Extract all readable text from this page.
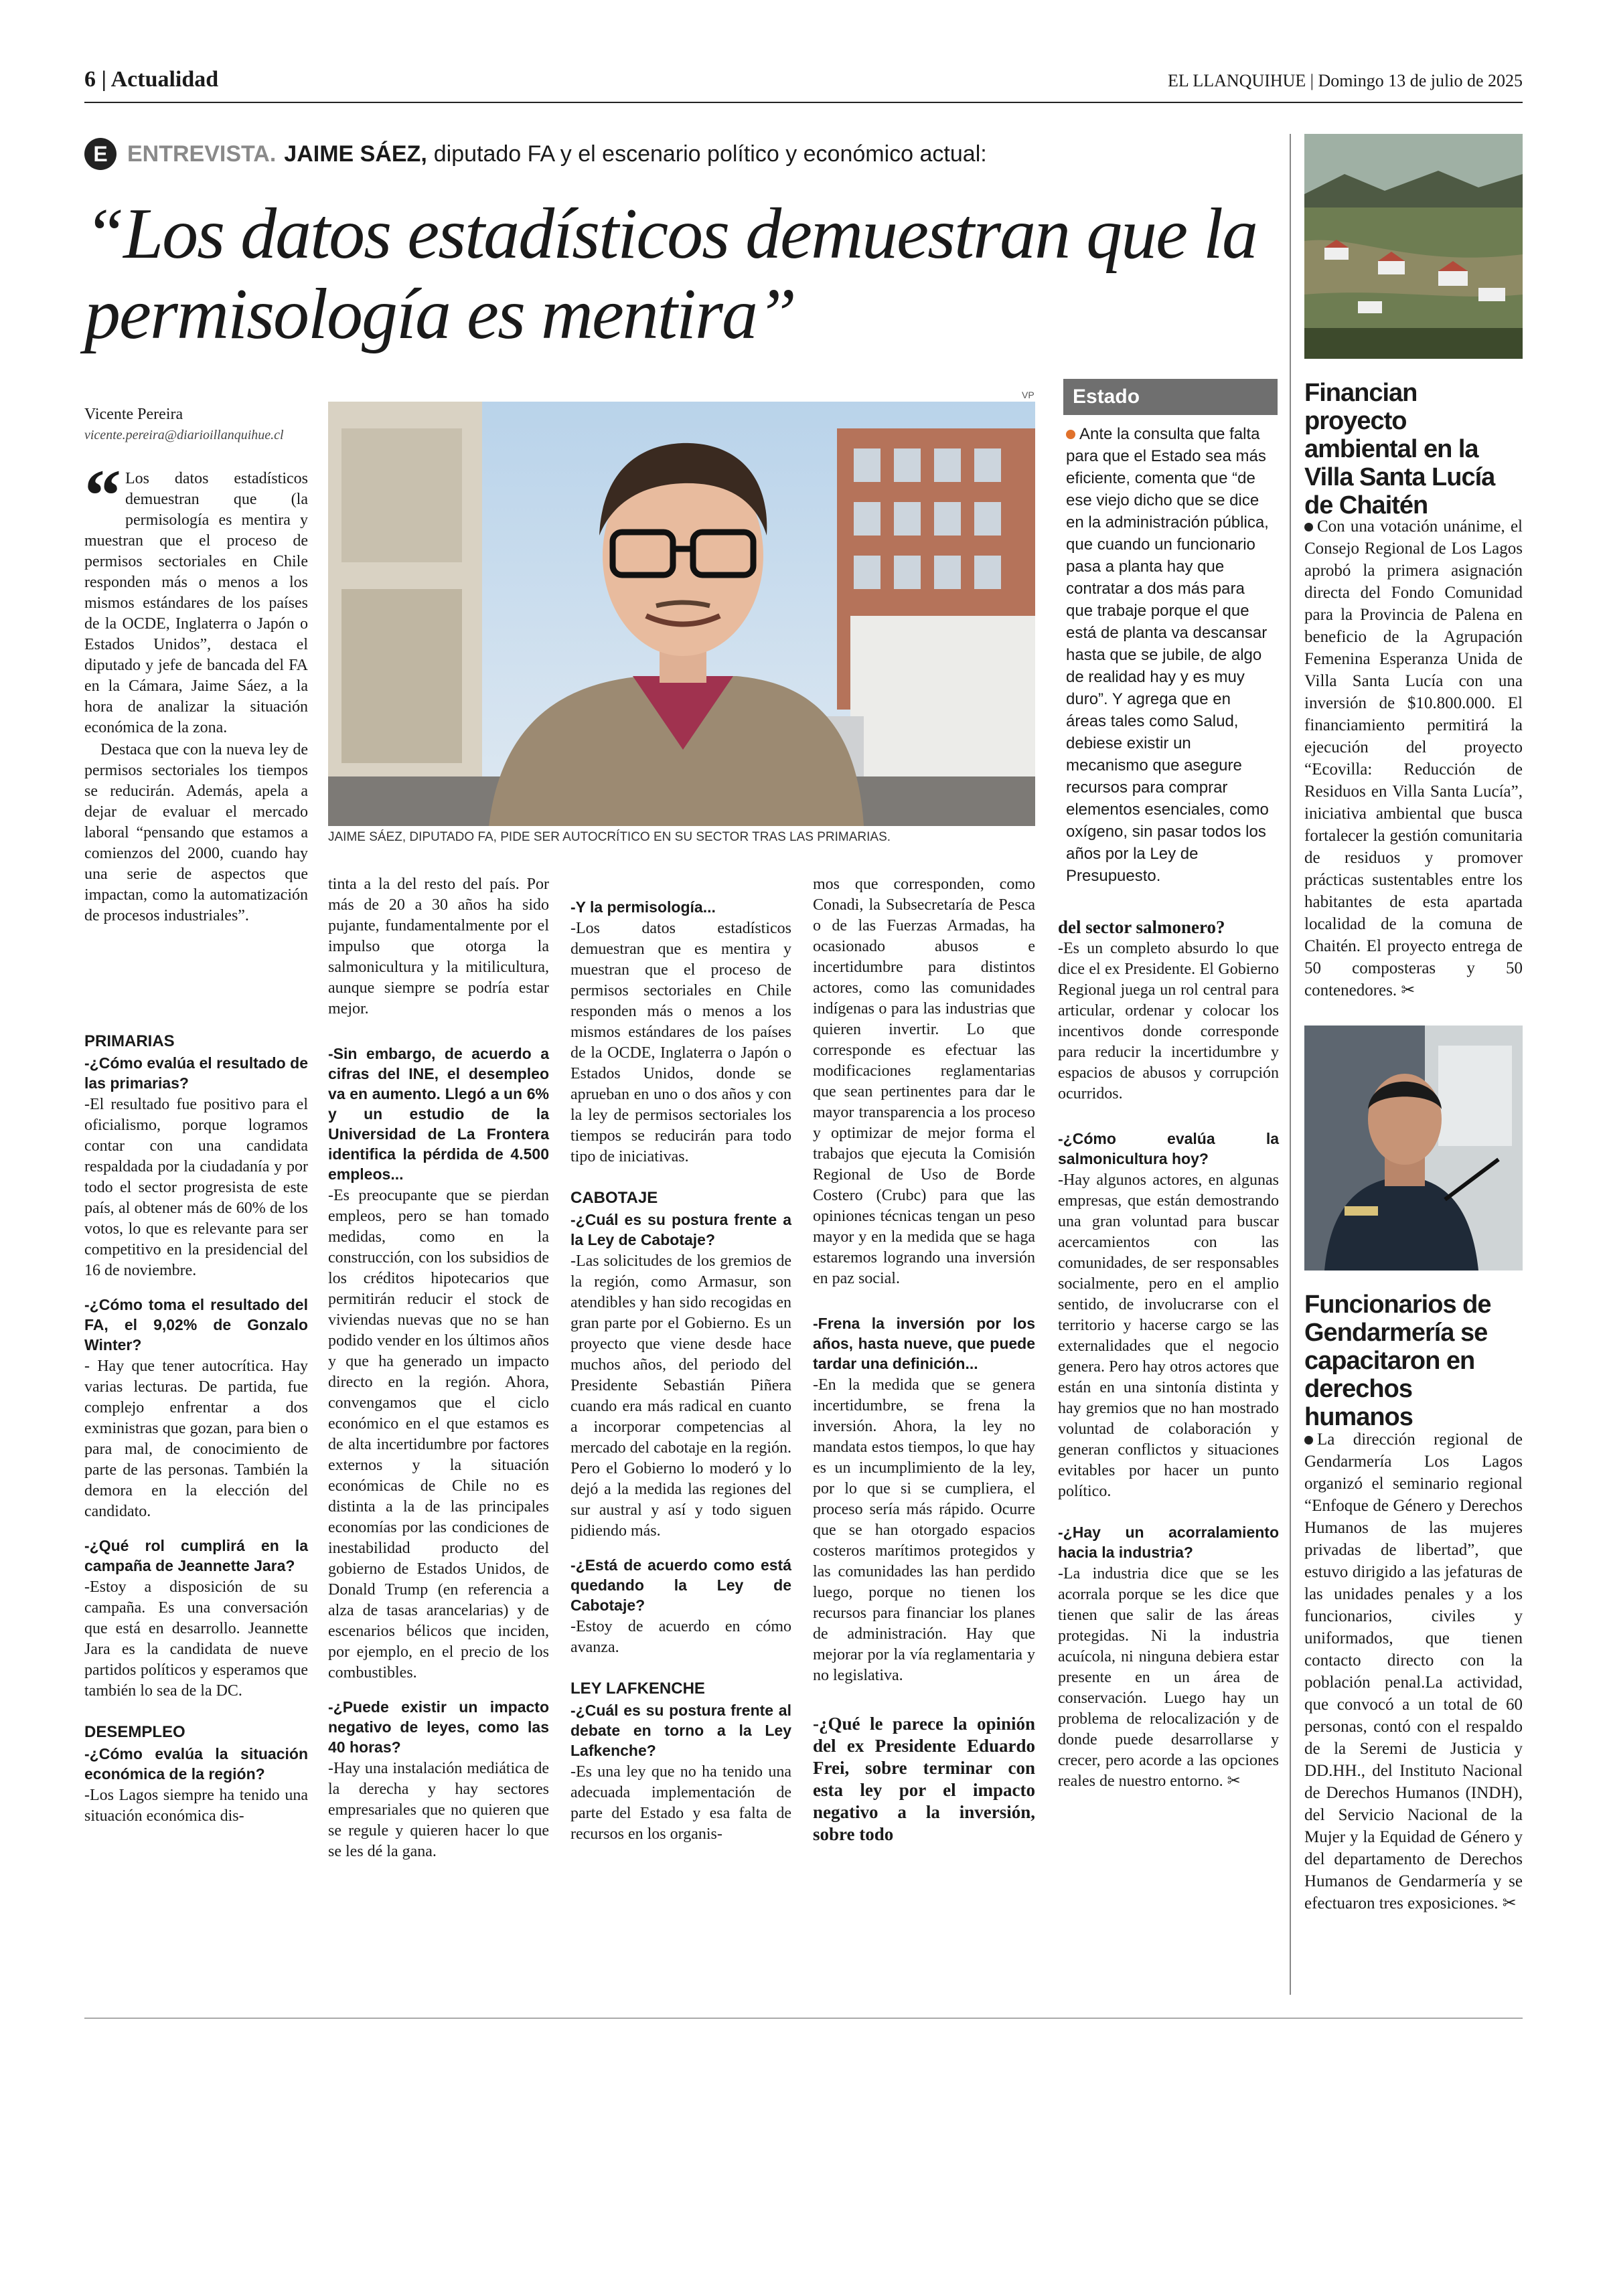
6 | Actualidad	EL LLANQUIHUE | Domingo 13 de julio de 2025
E ENTREVISTA. JAIME SÁEZ, diputado FA y el escenario político y económico actual:
“Los datos estadísticos demuestran que la permisología es mentira”
Vicente Pereira
vicente.pereira@diarioillanquihue.cl
VP
JAIME SÁEZ, DIPUTADO FA, PIDE SER AUTOCRÍTICO EN SU SECTOR TRAS LAS PRIMARIAS.
Estado
Ante la consulta que falta para que el Estado sea más eficiente, comenta que “de ese viejo dicho que se dice en la administración pública, que cuando un funcionario pasa a planta hay que contratar a dos más para que trabaje porque el que está de planta va descansar hasta que se jubile, de algo de realidad hay y es muy duro”. Y agrega que en áreas tales como Salud, debiese existir un mecanismo que asegure recursos para comprar elementos esenciales, como oxígeno, sin pasar todos los años por la Ley de Presupuesto.

“ Los datos estadísticos demuestran que (la permisología es mentira y muestran que el proceso de permisos sectoriales en Chile responden más o menos a los mismos estándares de los países de la OCDE, Inglaterra o Japón o Estados Unidos”, destaca el diputado y jefe de bancada del FA en la Cámara, Jaime Sáez, a la hora de analizar la situación económica de la zona.

Destaca que con la nueva ley de permisos sectoriales los tiempos se reducirán. Además, apela a dejar de evaluar el mercado laboral “pensando que estamos a comienzos del 2000, cuando hay una serie de aspectos que impactan, como la automatización de procesos industriales”.

PRIMARIAS

-¿Cómo evalúa el resultado de las primarias?

-El resultado fue positivo para el oficialismo, porque logramos contar con una candidata respaldada por la ciudadanía y por todo el sector progresista de este país, al obtener más de 60% de los votos, lo que es relevante para ser competitivo en la presidencial del 16 de noviembre.

-¿Cómo toma el resultado del FA, el 9,02% de Gonzalo Winter?

- Hay que tener autocrítica. Hay varias lecturas. De partida, fue complejo enfrentar a dos exministras que gozan, para bien o para mal, de conocimiento de parte de las personas. También la demora en la elección del candidato.

-¿Qué rol cumplirá en la campaña de Jeannette Jara?

-Estoy a disposición de su campaña. Es una conversación que está en desarrollo. Jeannette Jara es la candidata de nueve partidos políticos y esperamos que también lo sea de la DC.

DESEMPLEO

-¿Cómo evalúa la situación económica de la región?

-Los Lagos siempre ha tenido una situación económica dis-

tinta a la del resto del país. Por más de 20 a 30 años ha sido pujante, fundamentalmente por el impulso que otorga la salmonicultura y la mitilicultura, aunque siempre se podría estar mejor.

-Sin embargo, de acuerdo a cifras del INE, el desempleo va en aumento. Llegó a un 6% y un estudio de la Universidad de La Frontera identifica la pérdida de 4.500 empleos...

-Es preocupante que se pierdan empleos, pero se han tomado medidas, como en la construcción, con los subsidios de los créditos hipotecarios que permitirán reducir el stock de viviendas nuevas que no se han podido vender en los últimos años y que ha generado un impacto directo en la región. Ahora, convengamos que el ciclo económico en el que estamos es de alta incertidumbre por factores externos y la situación económicas de Chile no es distinta a la de las principales economías por las condiciones de inestabilidad producto del gobierno de Estados Unidos, de Donald Trump (en referencia a alza de tasas arancelarias) y de escenarios bélicos que inciden, por ejemplo, en el precio de los combustibles.

-¿Puede existir un impacto negativo de leyes, como las 40 horas?

-Hay una instalación mediática de la derecha y hay sectores empresariales que no quieren que se regule y quieren hacer lo que se les dé la gana.

-Y la permisología...

-Los datos estadísticos demuestran que es mentira y muestran que el proceso de permisos sectoriales en Chile responden más o menos a los mismos estándares de los países de la OCDE, Inglaterra o Japón o Estados Unidos, donde se aprueban en uno o dos años y con la ley de permisos sectoriales los tiempos se reducirán para todo tipo de iniciativas.

CABOTAJE

-¿Cuál es su postura frente a la Ley de Cabotaje?

-Las solicitudes de los gremios de la región, como Armasur, son atendibles y han sido recogidas en gran parte por el Gobierno. Es un proyecto que viene desde hace muchos años, del periodo del Presidente Sebastián Piñera cuando era más radical en cuanto a incorporar competencias al mercado del cabotaje en la región. Pero el Gobierno lo moderó y lo dejó a la medida las regiones del sur austral y así y todo siguen pidiendo más.

-¿Está de acuerdo como está quedando la Ley de Cabotaje?

-Estoy de acuerdo en cómo avanza.

LEY LAFKENCHE

-¿Cuál es su postura frente al debate en torno a la Ley Lafkenche?

-Es una ley que no ha tenido una adecuada implementación de parte del Estado y esa falta de recursos en los organis-

mos que corresponden, como Conadi, la Subsecretaría de Pesca o de las Fuerzas Armadas, ha ocasionado abusos e incertidumbre para distintos actores, como las comunidades indígenas o para las industrias que quieren invertir. Lo que corresponde es efectuar las modificaciones reglamentarias que sean pertinentes para dar le mayor transparencia a los proceso y optimizar de mejor forma el trabajos que ejecuta la Comisión Regional de Uso de Borde Costero (Crubc) para que las opiniones técnicas tengan un peso mayor y en la medida que se haga estaremos logrando una inversión en paz social.

-Frena la inversión por los años, hasta nueve, que puede tardar una definición...

-En la medida que se genera incertidumbre, se frena la inversión. Ahora, la ley no mandata estos tiempos, lo que hay es un incumplimiento de la ley, por lo que si se cumpliera, el proceso sería más rápido. Ocurre que se han otorgado espacios costeros marítimos protegidos y las comunidades las han perdido luego, porque no tienen los recursos para financiar los planes de administración. Hay que mejorar por la vía reglamentaria y no legislativa.

-¿Qué le parece la opinión del ex Presidente Eduardo Frei, sobre terminar con esta ley por el impacto negativo a la inversión, sobre todo

del sector salmonero?

-Es un completo absurdo lo que dice el ex Presidente. El Gobierno Regional juega un rol central para articular, ordenar y colocar los incentivos donde corresponde para reducir la incertidumbre y espacios de abusos y corrupción ocurridos.

-¿Cómo evalúa la salmonicultura hoy?

-Hay algunos actores, en algunas empresas, que están demostrando una gran voluntad para buscar acercamientos con las comunidades, de ser responsables socialmente, pero en el amplio sentido, de involucrarse con el territorio y hacerse cargo se las externalidades que el negocio genera. Pero hay otros actores que están en una sintonía distinta y hay gremios que no han mostrado voluntad de colaboración y generan conflictos y situaciones evitables por hacer un punto político.

-¿Hay un acorralamiento hacia la industria?

-La industria dice que se les acorrala porque se les dice que tienen que salir de las áreas protegidas. Ni la industria acuícola, ni ninguna debiera estar presente en un área de conservación. Luego hay un problema de relocalización y de donde puede desarrollarse y crecer, pero acorde a las opciones reales de nuestro entorno. ✂

Financian proyecto ambiental en la Villa Santa Lucía de Chaitén
Con una votación unánime, el Consejo Regional de Los Lagos aprobó la primera asignación directa del Fondo Comunidad para la Provincia de Palena en beneficio de la Agrupación Femenina Esperanza Unida de Villa Santa Lucía con una inversión de $10.800.000. El financiamiento permitirá la ejecución del proyecto “Ecovilla: Reducción de Residuos en Villa Santa Lucía”, iniciativa ambiental que busca fortalecer la gestión comunitaria de residuos y promover prácticas sustentables entre los habitantes de esta apartada localidad de la comuna de Chaitén. El proyecto entrega de 50 composteras y 50 contenedores. ✂
Funcionarios de Gendarmería se capacitaron en derechos humanos
La dirección regional de Gendarmería Los Lagos organizó el seminario regional “Enfoque de Género y Derechos Humanos de las mujeres privadas de libertad”, que estuvo dirigido a las jefaturas de las unidades penales y a los funcionarios, civiles y uniformados, que tienen contacto directo con la población penal.La actividad, que convocó a un total de 60 personas, contó con el respaldo de la Seremi de Justicia y DD.HH., del Instituto Nacional de Derechos Humanos (INDH), del Servicio Nacional de la Mujer y la Equidad de Género y del departamento de Derechos Humanos de Gendarmería y se efectuaron tres exposiciones. ✂
